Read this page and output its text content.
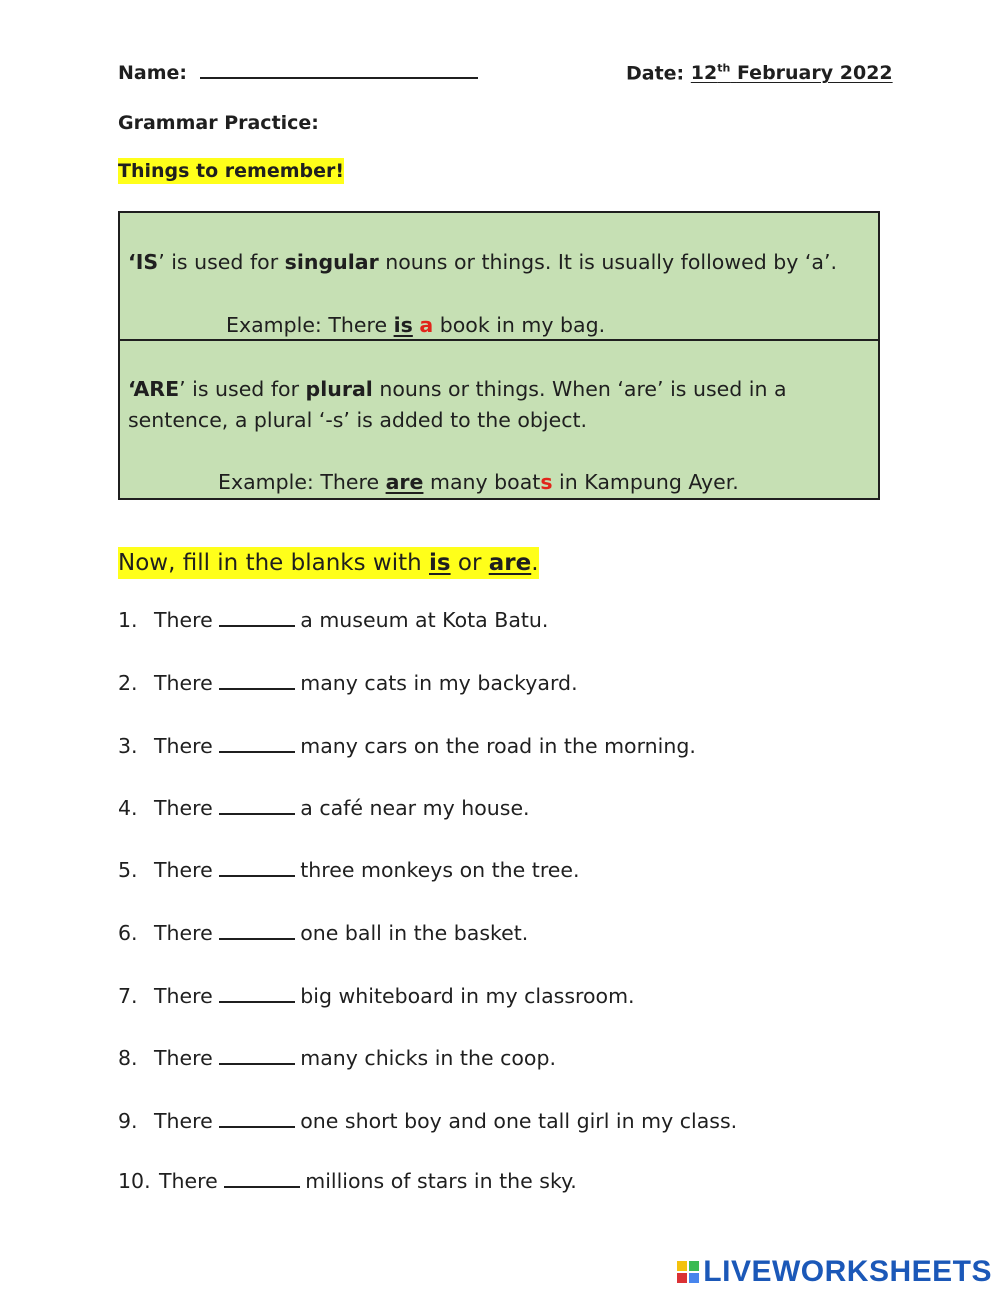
Name:	Date: 12th February 2022
Grammar Practice:
Things to remember!
‘IS’ is used for singular nouns or things. It is usually followed by ‘a’.
Example: There is a book in my bag.
‘ARE’ is used for plural nouns or things. When ‘are’ is used in a sentence, a plural ‘-s’ is added to the object.
Example: There are many boats in Kampung Ayer.
Now, fill in the blanks with is or are.
1. There	a museum at Kota Batu.
2. There	many cats in my backyard.
3. There	many cars on the road in the morning.
4. There	a café near my house.
5. There	three monkeys on the tree.
6. There	one ball in the basket.
7. There	big whiteboard in my classroom.
8. There	many chicks in the coop.
9. There	one short boy and one tall girl in my class.
10. There	millions of stars in the sky.
LIVEWORKSHEETS
